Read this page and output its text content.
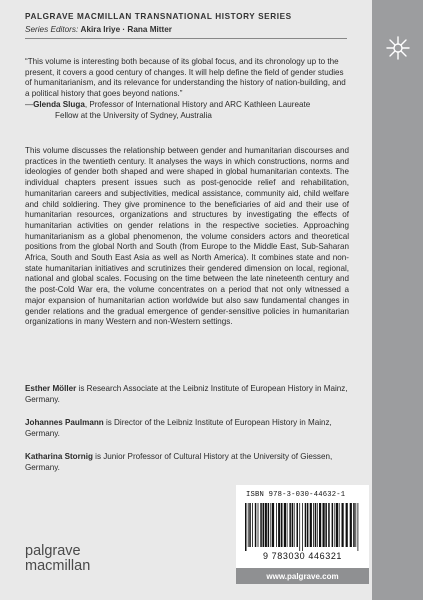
PALGRAVE MACMILLAN TRANSNATIONAL HISTORY SERIES
Series Editors: Akira Iriye · Rana Mitter

“This volume is interesting both because of its global focus, and its chronology up to the present, it covers a good century of changes. It will help define the field of gender studies of humanitarianism, and its relevance for understanding the history of nation-building, and a political history that goes beyond nations.”

—Glenda Sluga, Professor of International History and ARC Kathleen Laureate
Fellow at the University of Sydney, Australia

This volume discusses the relationship between gender and humanitarian discourses and practices in the twentieth century. It analyses the ways in which constructions, norms and ideologies of gender both shaped and were shaped in global humanitarian contexts. The individual chapters present issues such as post-genocide relief and rehabilitation, humanitarian careers and subjectivities, medical assistance, community aid, child welfare and child soldiering. They give prominence to the beneficiaries of aid and their use of humanitarian resources, organizations and structures by investigating the effects of humanitarian activities on gender relations in the respective societies. Approaching humanitarianism as a global phenomenon, the volume considers actors and theoretical positions from the global North and South (from Europe to the Middle East, Sub-Saharan Africa, South and South East Asia as well as North America). It combines state and non-state humanitarian initiatives and scrutinizes their gendered dimension on local, regional, national and global scales. Focusing on the time between the late nineteenth century and the post-Cold War era, the volume concentrates on a period that not only witnessed a major expansion of humanitarian action worldwide but also saw fundamental changes in gender relations and the gradual emergence of gender-sensitive policies in humanitarian organizations in many Western and non-Western settings.

Esther Möller is Research Associate at the Leibniz Institute of European History in Mainz, Germany.
Johannes Paulmann is Director of the Leibniz Institute of European History in Mainz, Germany.
Katharina Stornig is Junior Professor of Cultural History at the University of Giessen, Germany.
palgrave
macmillan
ISBN 978-3-030-44632-1
9 783030 446321
www.palgrave.com
